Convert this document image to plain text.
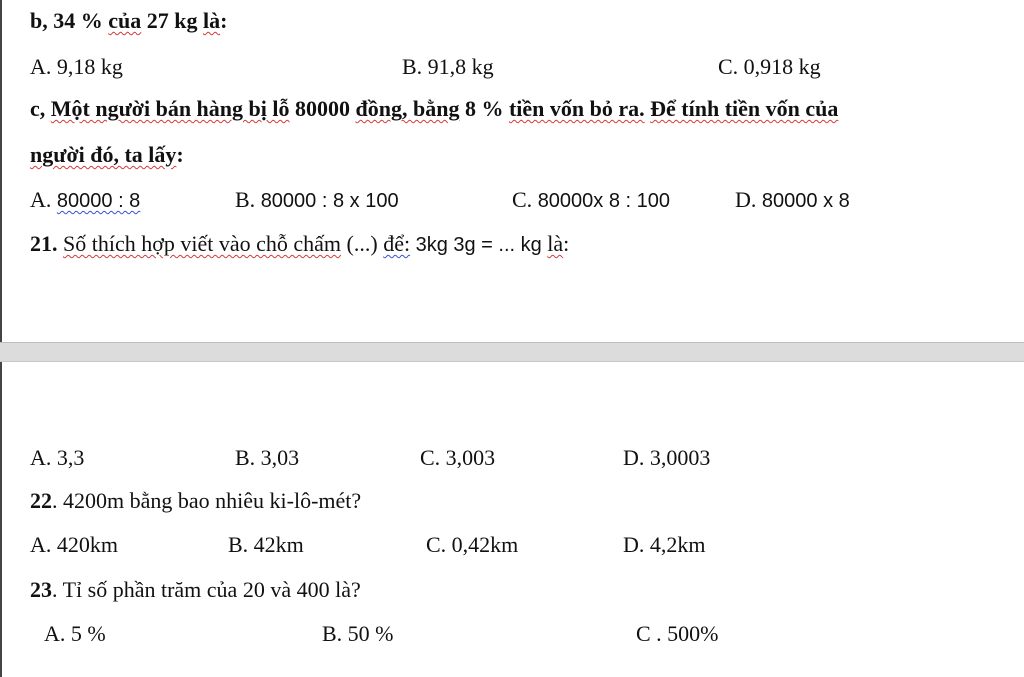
b, 34 % của 27 kg là:
A. 9,18 kg	B. 91,8 kg	C. 0,918 kg
c, Một người bán hàng bị lỗ 80000 đồng, bằng 8 % tiền vốn bỏ ra. Để tính tiền vốn của
người đó, ta lấy:
A. 80000 : 8	B. 80000 : 8 x 100	C. 80000x 8 : 100	D. 80000 x 8
21. Số thích hợp viết vào chỗ chấm (...) để: 3kg 3g = ... kg là:
A. 3,3	B. 3,03	C. 3,003	D. 3,0003
22. 4200m bằng bao nhiêu ki-lô-mét?
A. 420km	B. 42km	C. 0,42km	D. 4,2km
23. Tỉ số phần trăm của 20 và 400 là?
A. 5 %	B. 50 %	C . 500%
